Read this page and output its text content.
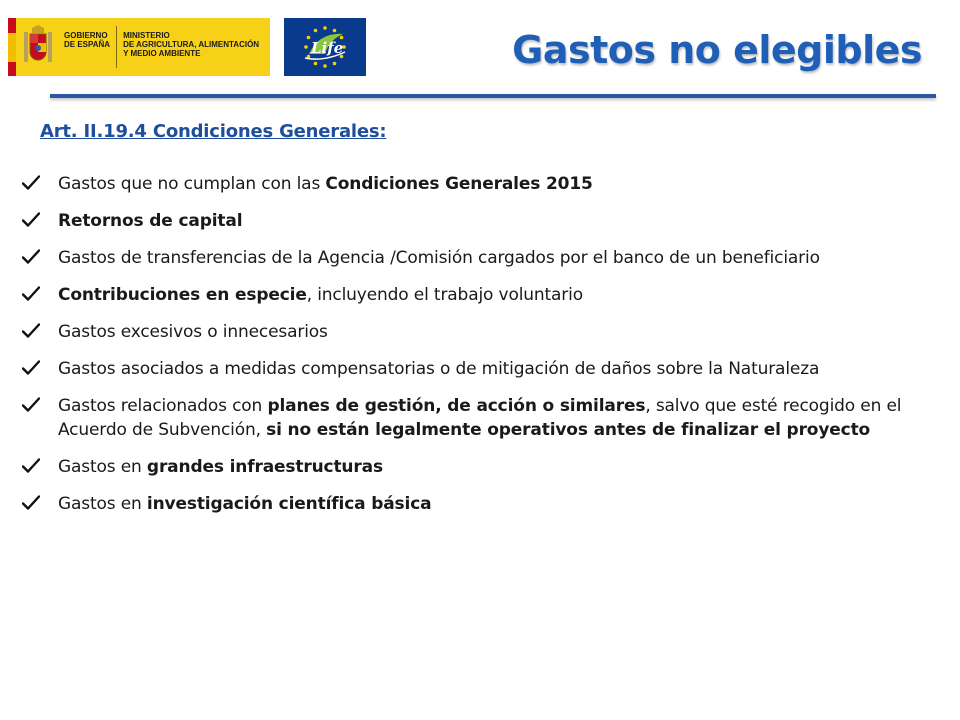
GOBIERNO
DE ESPAÑA
MINISTERIO
DE AGRICULTURA, ALIMENTACIÓN
Y MEDIO AMBIENTE	Life	Gastos no elegibles
Art. II.19.4 Condiciones Generales:
Gastos que no cumplan con las Condiciones Generales 2015
Retornos de capital
Gastos de transferencias de la Agencia /Comisión cargados por el banco de un beneficiario
Contribuciones en especie, incluyendo el trabajo voluntario
Gastos excesivos o innecesarios
Gastos asociados a medidas compensatorias o de mitigación de daños sobre la Naturaleza
Gastos relacionados con planes de gestión, de acción o similares, salvo que esté recogido en el Acuerdo de Subvención, si no están legalmente operativos antes de finalizar el proyecto
Gastos en grandes infraestructuras
Gastos en investigación científica básica
